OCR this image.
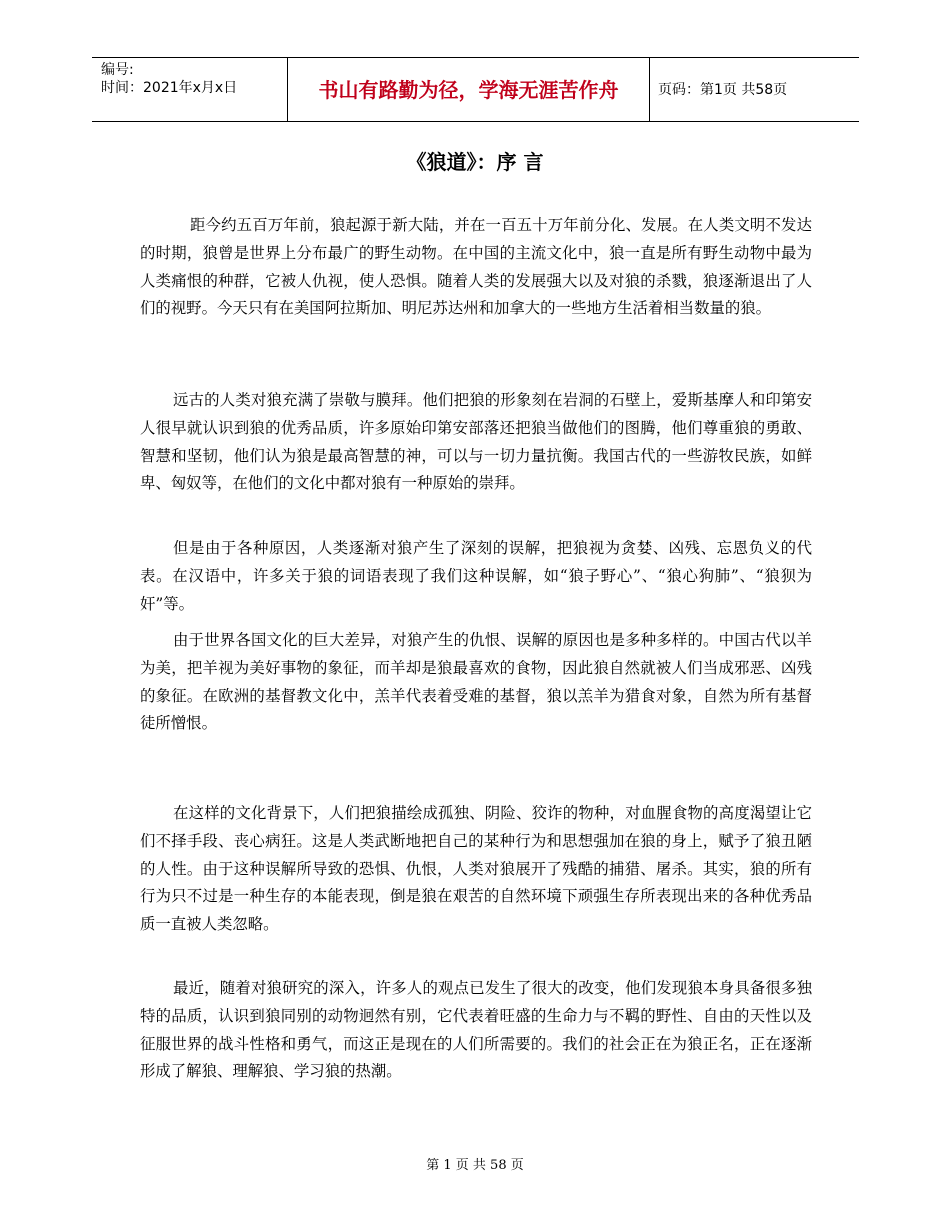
编号:
时间：2021年x月x日	书山有路勤为径，学海无涯苦作舟	页码：第1页 共58页
《狼道》：序 言

距今约五百万年前，狼起源于新大陆，并在一百五十万年前分化、发展。在人类文明不发达的时期，狼曾是世界上分布最广的野生动物。在中国的主流文化中，狼一直是所有野生动物中最为人类痛恨的种群，它被人仇视，使人恐惧。随着人类的发展强大以及对狼的杀戮，狼逐渐退出了人们的视野。今天只有在美国阿拉斯加、明尼苏达州和加拿大的一些地方生活着相当数量的狼。

远古的人类对狼充满了崇敬与膜拜。他们把狼的形象刻在岩洞的石壁上，爱斯基摩人和印第安人很早就认识到狼的优秀品质，许多原始印第安部落还把狼当做他们的图腾，他们尊重狼的勇敢、智慧和坚韧，他们认为狼是最高智慧的神，可以与一切力量抗衡。我国古代的一些游牧民族，如鲜卑、匈奴等，在他们的文化中都对狼有一种原始的崇拜。

但是由于各种原因，人类逐渐对狼产生了深刻的误解，把狼视为贪婪、凶残、忘恩负义的代表。在汉语中，许多关于狼的词语表现了我们这种误解，如“狼子野心”、“狼心狗肺”、“狼狈为奸”等。

由于世界各国文化的巨大差异，对狼产生的仇恨、误解的原因也是多种多样的。中国古代以羊为美，把羊视为美好事物的象征，而羊却是狼最喜欢的食物，因此狼自然就被人们当成邪恶、凶残的象征。在欧洲的基督教文化中，羔羊代表着受难的基督，狼以羔羊为猎食对象，自然为所有基督徒所憎恨。

在这样的文化背景下，人们把狼描绘成孤独、阴险、狡诈的物种，对血腥食物的高度渴望让它们不择手段、丧心病狂。这是人类武断地把自己的某种行为和思想强加在狼的身上，赋予了狼丑陋的人性。由于这种误解所导致的恐惧、仇恨，人类对狼展开了残酷的捕猎、屠杀。其实，狼的所有行为只不过是一种生存的本能表现，倒是狼在艰苦的自然环境下顽强生存所表现出来的各种优秀品质一直被人类忽略。

最近，随着对狼研究的深入，许多人的观点已发生了很大的改变，他们发现狼本身具备很多独特的品质，认识到狼同别的动物迥然有别，它代表着旺盛的生命力与不羁的野性、自由的天性以及征服世界的战斗性格和勇气，而这正是现在的人们所需要的。我们的社会正在为狼正名，正在逐渐形成了解狼、理解狼、学习狼的热潮。

第 1 页 共 58 页
